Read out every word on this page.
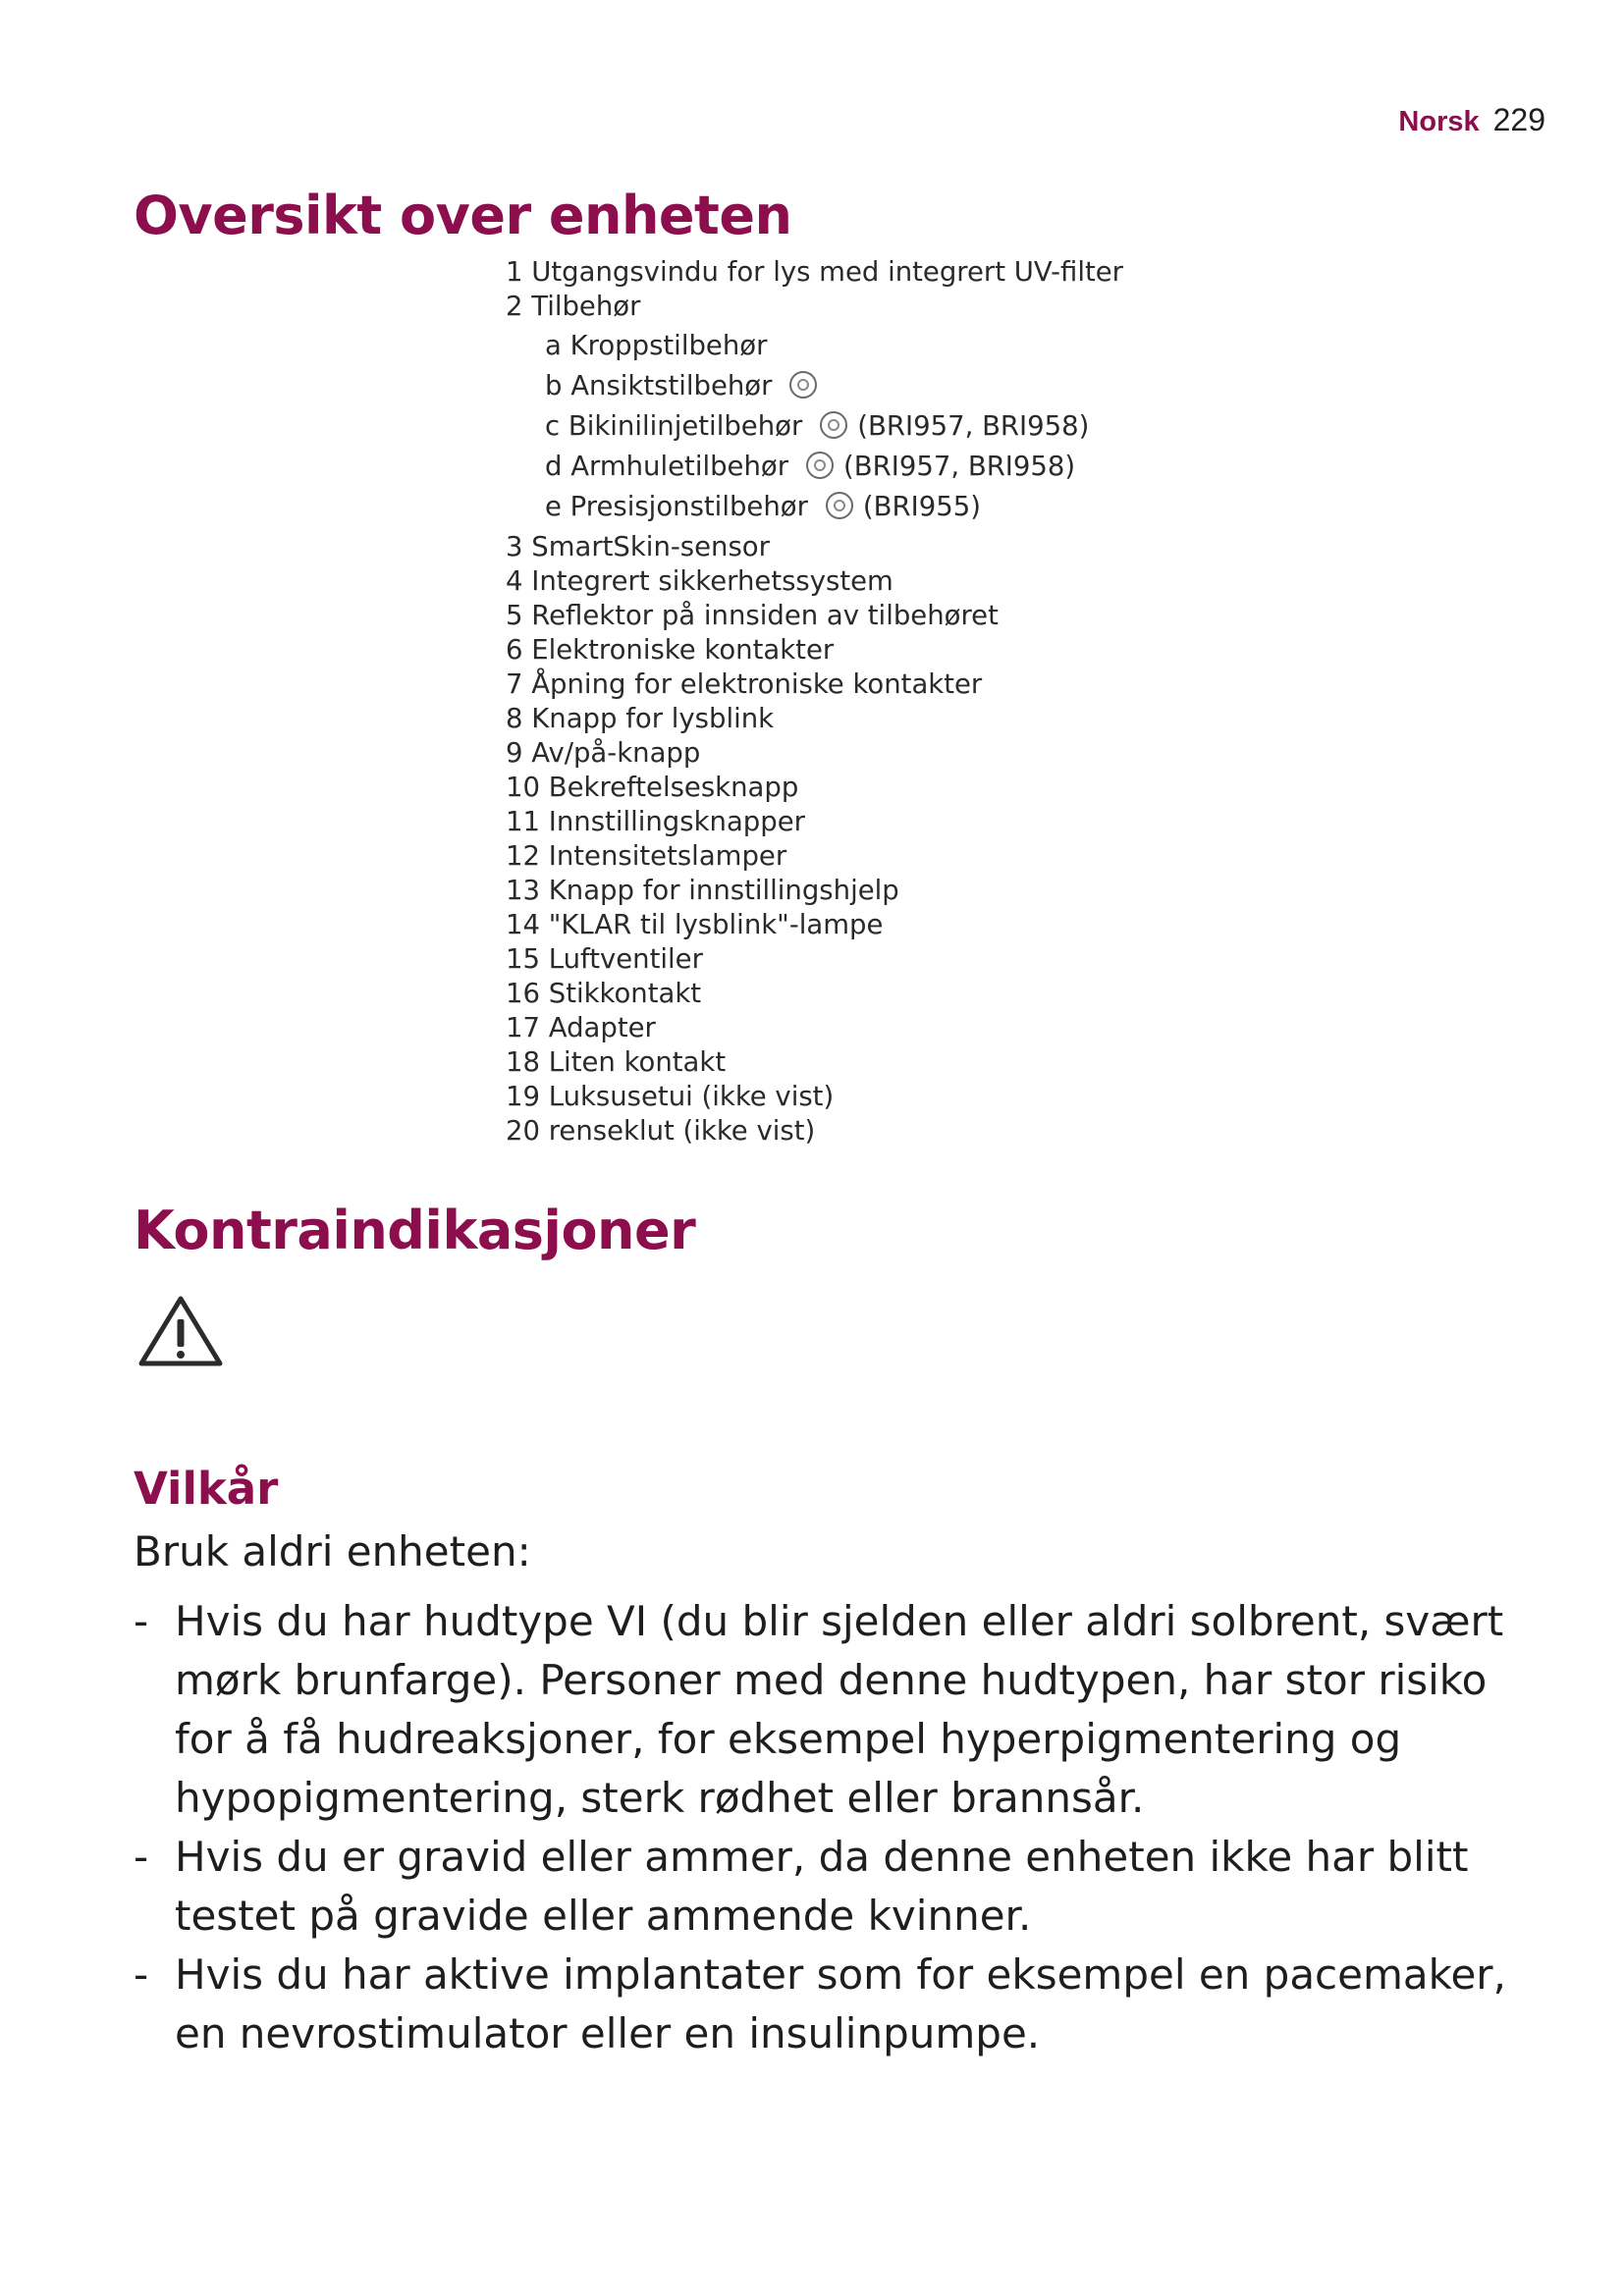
Norsk 229
Oversikt over enheten
1 Utgangsvindu for lys med integrert UV-filter
2 Tilbehør
a Kroppstilbehør
b Ansiktstilbehør
c Bikinilinjetilbehør (BRI957, BRI958)
d Armhuletilbehør (BRI957, BRI958)
e Presisjonstilbehør (BRI955)
3 SmartSkin-sensor
4 Integrert sikkerhetssystem
5 Reflektor på innsiden av tilbehøret
6 Elektroniske kontakter
7 Åpning for elektroniske kontakter
8 Knapp for lysblink
9 Av/på-knapp
10 Bekreftelsesknapp
11 Innstillingsknapper
12 Intensitetslamper
13 Knapp for innstillingshjelp
14 "KLAR til lysblink"-lampe
15 Luftventiler
16 Stikkontakt
17 Adapter
18 Liten kontakt
19 Luksusetui (ikke vist)
20 renseklut (ikke vist)
Kontraindikasjoner
Vilkår

Bruk aldri enheten:

- Hvis du har hudtype VI (du blir sjelden eller aldri solbrent, svært mørk brunfarge). Personer med denne hudtypen, har stor risiko for å få hudreaksjoner, for eksempel hyperpigmentering og hypopigmentering, sterk rødhet eller brannsår.
- Hvis du er gravid eller ammer, da denne enheten ikke har blitt testet på gravide eller ammende kvinner.
- Hvis du har aktive implantater som for eksempel en pacemaker, en nevrostimulator eller en insulinpumpe.
